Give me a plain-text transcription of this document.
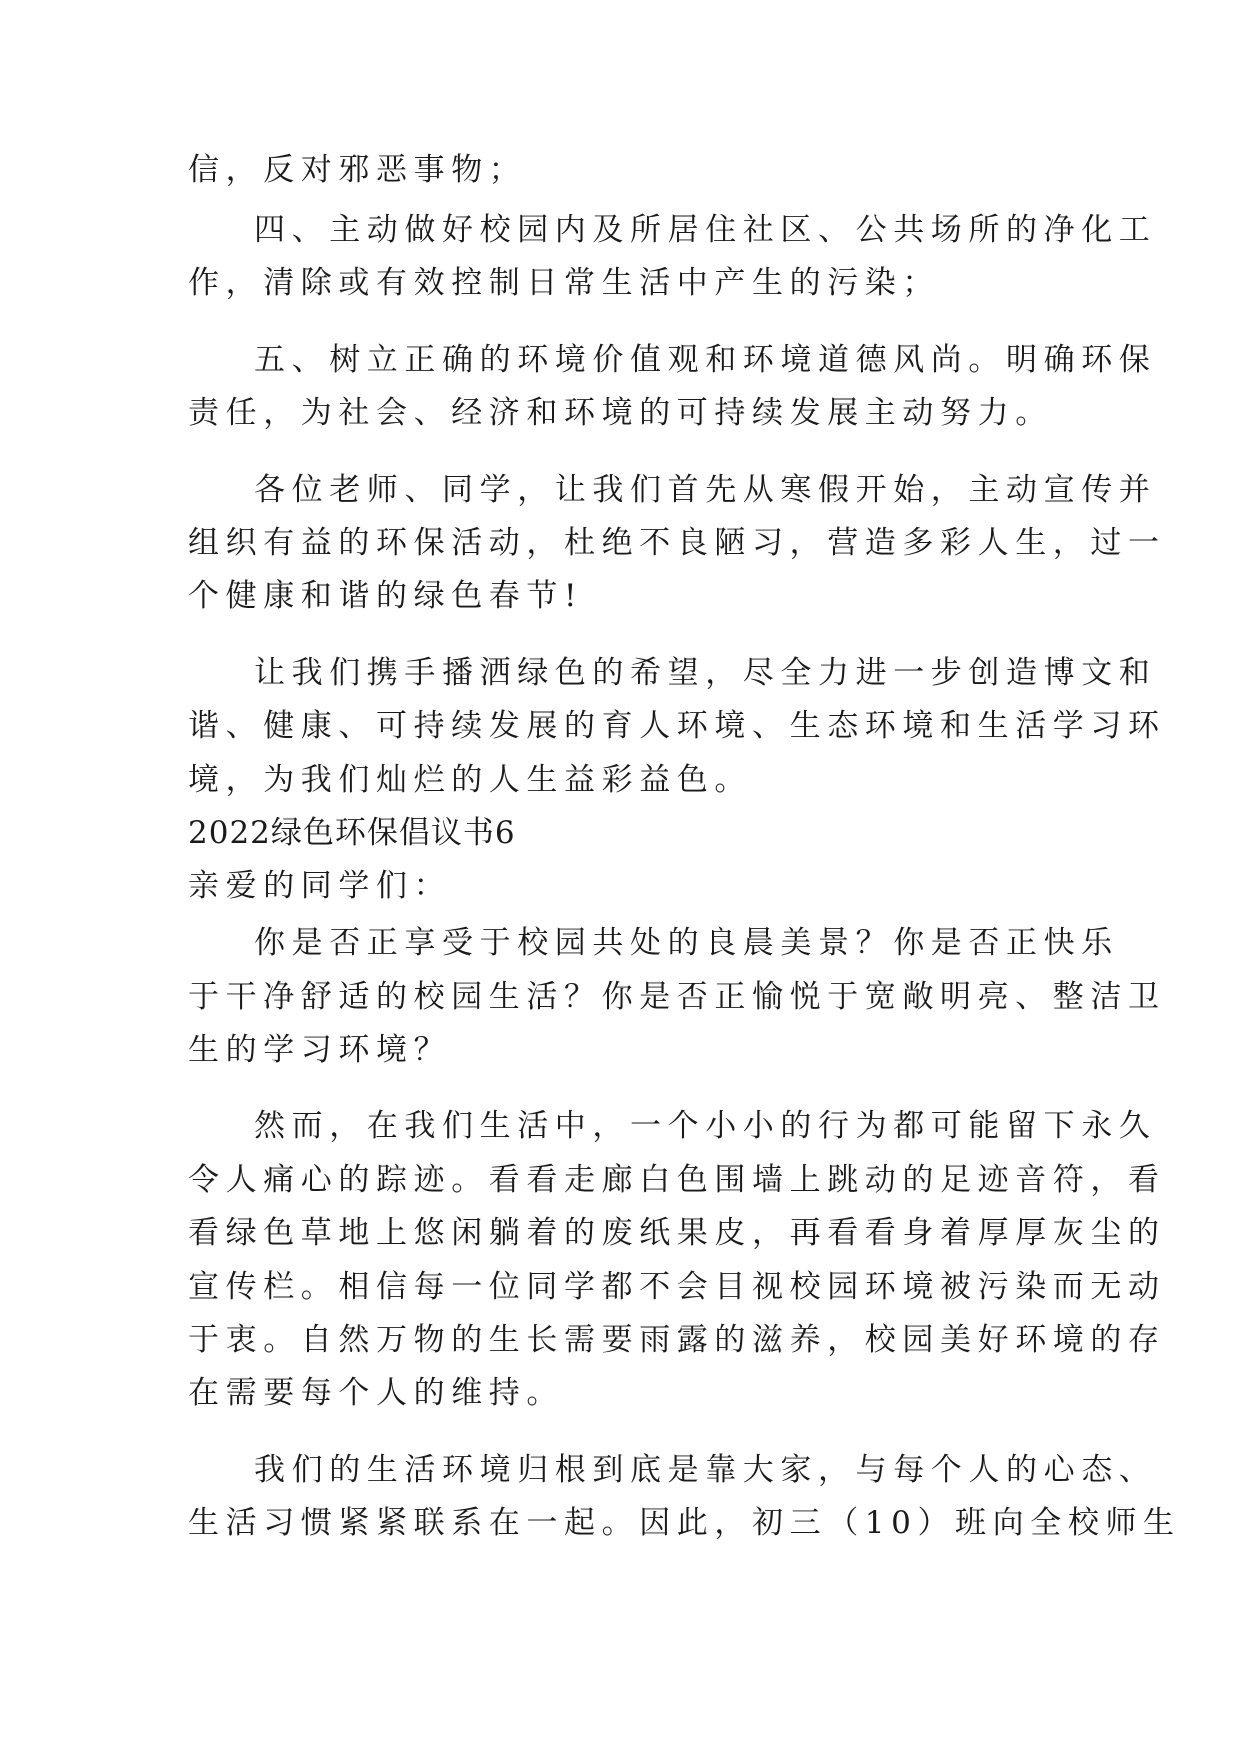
信，反对邪恶事物；
四、主动做好校园内及所居住社区、公共场所的净化工
作，清除或有效控制日常生活中产生的污染；
五、树立正确的环境价值观和环境道德风尚。明确环保
责任，为社会、经济和环境的可持续发展主动努力。
各位老师、同学，让我们首先从寒假开始，主动宣传并
组织有益的环保活动，杜绝不良陋习，营造多彩人生，过一
个健康和谐的绿色春节!
让我们携手播洒绿色的希望，尽全力进一步创造博文和
谐、健康、可持续发展的育人环境、生态环境和生活学习环
境，为我们灿烂的人生益彩益色。
2022绿色环保倡议书6
亲爱的同学们：
你是否正享受于校园共处的良晨美景？你是否正快乐
于干净舒适的校园生活？你是否正愉悦于宽敞明亮、整洁卫
生的学习环境？
然而，在我们生活中，一个小小的行为都可能留下永久
令人痛心的踪迹。看看走廊白色围墙上跳动的足迹音符，看
看绿色草地上悠闲躺着的废纸果皮，再看看身着厚厚灰尘的
宣传栏。相信每一位同学都不会目视校园环境被污染而无动
于衷。自然万物的生长需要雨露的滋养，校园美好环境的存
在需要每个人的维持。
我们的生活环境归根到底是靠大家，与每个人的心态、
生活习惯紧紧联系在一起。因此，初三（10）班向全校师生
